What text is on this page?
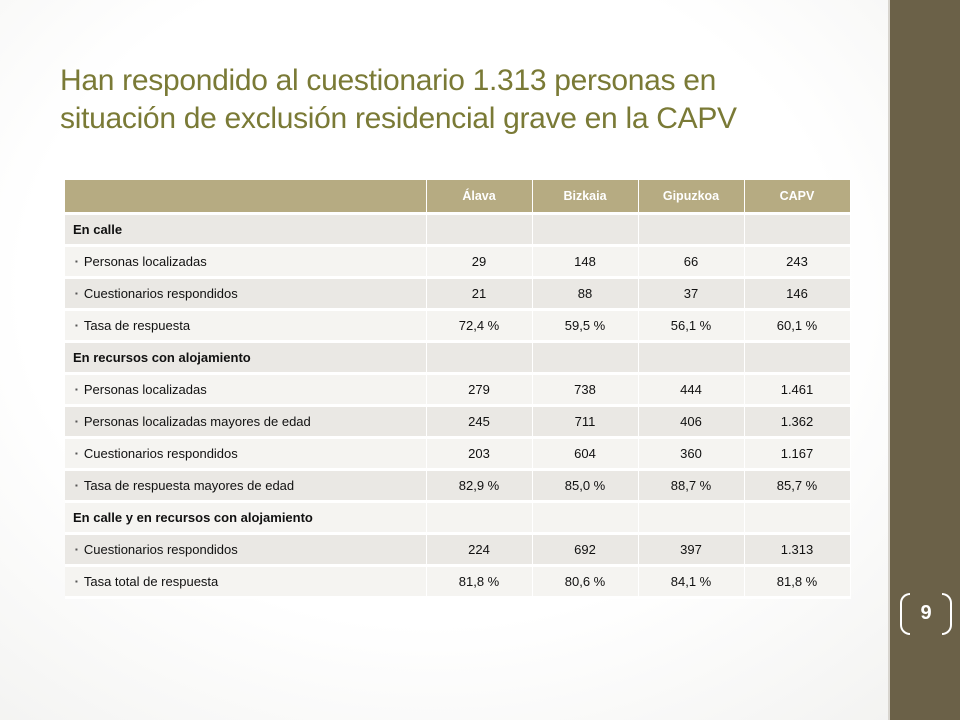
Han respondido al cuestionario 1.313 personas en
situación de exclusión residencial grave en la CAPV
	Álava	Bizkaia	Gipuzkoa	CAPV
En calle				
▪ Personas localizadas	29	148	66	243
▪ Cuestionarios respondidos	21	88	37	146
▪ Tasa de respuesta	72,4 %	59,5 %	56,1 %	60,1 %
En recursos con alojamiento				
▪ Personas localizadas	279	738	444	1.461
▪ Personas localizadas mayores de edad	245	711	406	1.362
▪ Cuestionarios respondidos	203	604	360	1.167
▪ Tasa de respuesta mayores de edad	82,9 %	85,0 %	88,7 %	85,7 %
En calle y en recursos con alojamiento				
▪ Cuestionarios respondidos	224	692	397	1.313
▪ Tasa total de respuesta	81,8 %	80,6 %	84,1 %	81,8 %
9
